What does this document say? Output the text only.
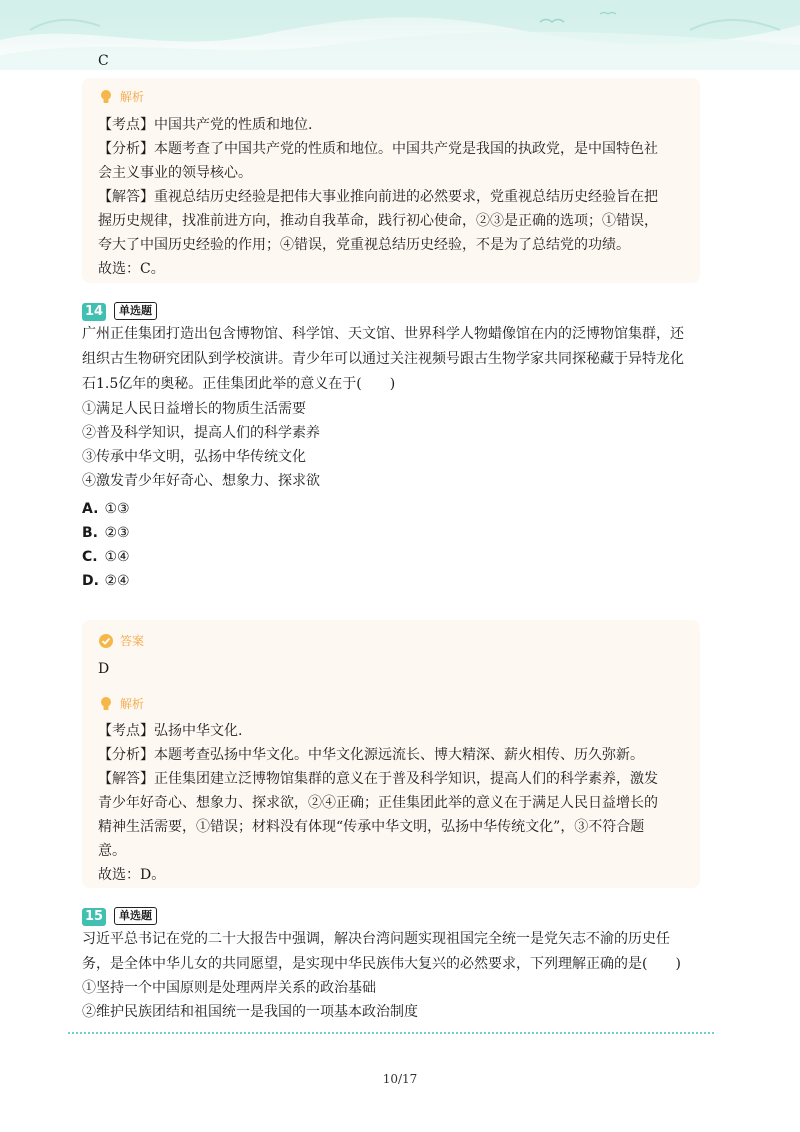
C
解析
【考点】中国共产党的性质和地位.
【分析】本题考查了中国共产党的性质和地位。中国共产党是我国的执政党，是中国特色社
会主义事业的领导核心。
【解答】重视总结历史经验是把伟大事业推向前进的必然要求，党重视总结历史经验旨在把
握历史规律，找准前进方向，推动自我革命，践行初心使命，②③是正确的选项；①错误，
夸大了中国历史经验的作用；④错误，党重视总结历史经验，不是为了总结党的功绩。
故选：C。
14	单选题
广州正佳集团打造出包含博物馆、科学馆、天文馆、世界科学人物蜡像馆在内的泛博物馆集群，还
组织古生物研究团队到学校演讲。青少年可以通过关注视频号跟古生物学家共同探秘藏于异特龙化
石1.5亿年的奥秘。正佳集团此举的意义在于(　　)
①满足人民日益增长的物质生活需要
②普及科学知识，提高人们的科学素养
③传承中华文明，弘扬中华传统文化
④激发青少年好奇心、想象力、探求欲
A. ①③
B. ②③
C. ①④
D. ②④
答案
D
解析
【考点】弘扬中华文化.
【分析】本题考查弘扬中华文化。中华文化源远流长、博大精深、薪火相传、历久弥新。
【解答】正佳集团建立泛博物馆集群的意义在于普及科学知识，提高人们的科学素养，激发
青少年好奇心、想象力、探求欲，②④正确；正佳集团此举的意义在于满足人民日益增长的
精神生活需要，①错误；材料没有体现“传承中华文明，弘扬中华传统文化”，③不符合题
意。
故选：D。
15	单选题
习近平总书记在党的二十大报告中强调，解决台湾问题实现祖国完全统一是党矢志不渝的历史任
务，是全体中华儿女的共同愿望，是实现中华民族伟大复兴的必然要求，下列理解正确的是(　　)
①坚持一个中国原则是处理两岸关系的政治基础
②维护民族团结和祖国统一是我国的一项基本政治制度
10/17
